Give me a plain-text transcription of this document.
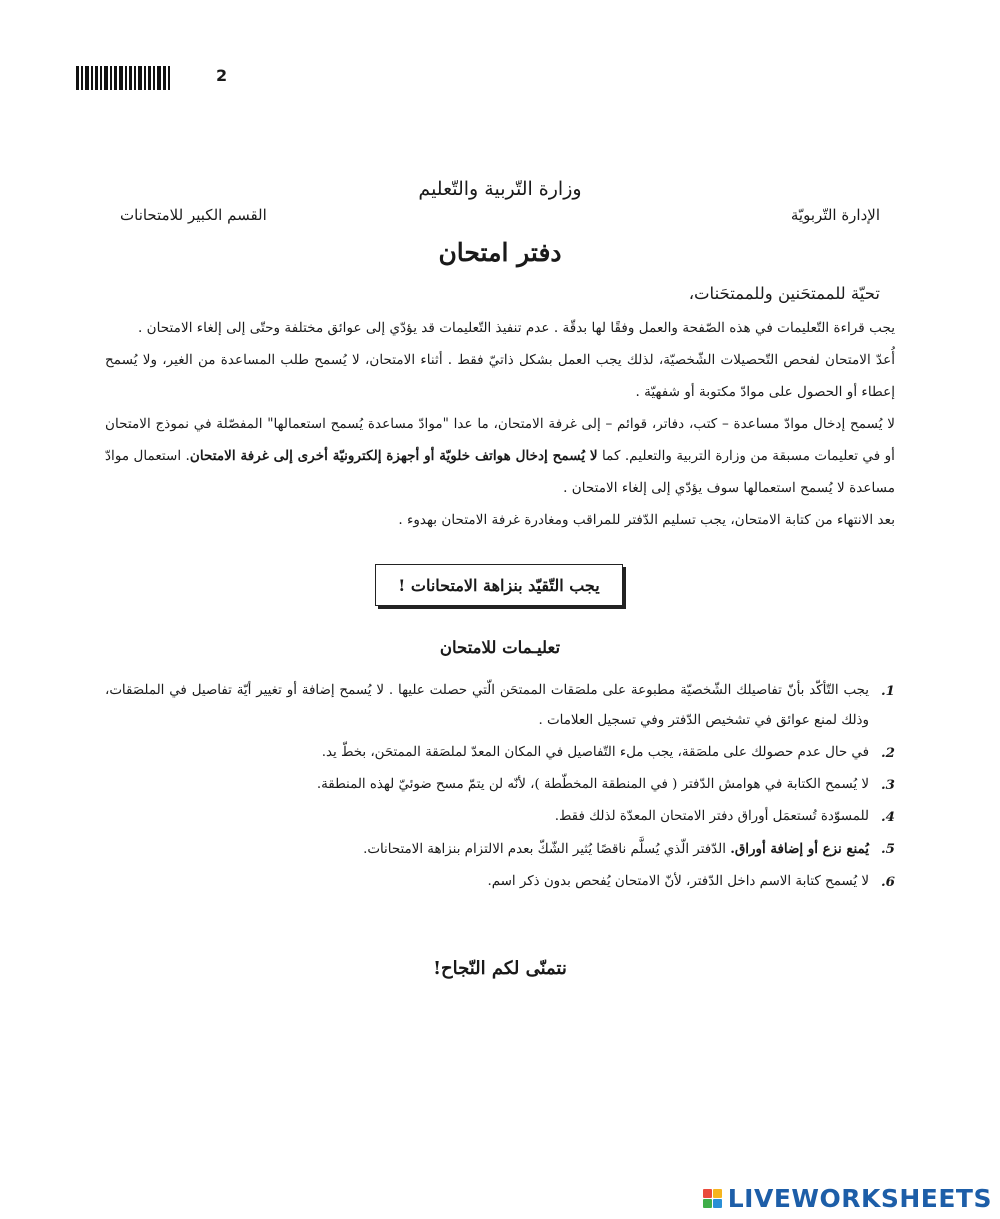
2
وزارة التّربية والتّعليم
الإدارة التّربويّة
القسم الكبير للامتحانات
دفتر امتحان
تحيّة للممتحَنين وللممتحَنات،
يجب قراءة التّعليمات في هذه الصّفحة والعمل وفقًا لها بدقّة . عدم تنفيذ التّعليمات قد يؤدّي إلى عوائق مختلفة وحتّى إلى إلغاء الامتحان .
أُعدّ الامتحان لفحص التّحصيلات الشّخصيّة، لذلك يجب العمل بشكل ذاتيّ فقط . أثناء الامتحان، لا يُسمح طلب المساعدة من الغير، ولا يُسمح إعطاء أو الحصول على موادّ مكتوبة أو شفهيّة .
لا يُسمح إدخال موادّ مساعدة – كتب، دفاتر، قوائم – إلى غرفة الامتحان، ما عدا "موادّ مساعدة يُسمح استعمالها" المفصّلة في نموذج الامتحان أو في تعليمات مسبقة من وزارة التربية والتعليم. كما لا يُسمح إدخال هواتف خلويّة أو أجهزة إلكترونيّة أخرى إلى غرفة الامتحان. استعمال موادّ مساعدة لا يُسمح استعمالها سوف يؤدّي إلى إلغاء الامتحان .
بعد الانتهاء من كتابة الامتحان، يجب تسليم الدّفتر للمراقب ومغادرة غرفة الامتحان بهدوء .
يجب التّقيّد بنزاهة الامتحانات !
تعليـمات للامتحان
1.
يجب التّأكّد بأنّ تفاصيلك الشّخصيّة مطبوعة على ملصَقات الممتحَن الّتي حصلت عليها . لا يُسمح إضافة أو تغيير أيّة تفاصيل في الملصَقات، وذلك لمنع عوائق في تشخيص الدّفتر وفي تسجيل العلامات .
2.
في حال عدم حصولك على ملصَقة، يجب ملء التّفاصيل في المكان المعدّ لملصَقة الممتحَن، بخطّ يد.
3.
لا يُسمح الكتابة في هوامش الدّفتر ( في المنطقة المخطّطة )، لأنّه لن يتمّ مسح ضوئيّ لهذه المنطقة.
4.
للمسوّدة تُستعمَل أوراق دفتر الامتحان المعدّة لذلك فقط.
5.
يُمنع نزع أو إضافة أوراق. الدّفتر الّذي يُسلَّم ناقصًا يُثير الشّكّ بعدم الالتزام بنزاهة الامتحانات.
6.
لا يُسمح كتابة الاسم داخل الدّفتر، لأنّ الامتحان يُفحص بدون ذكر اسم.
نتمنّى لكم النّجاح!
LIVEWORKSHEETS
